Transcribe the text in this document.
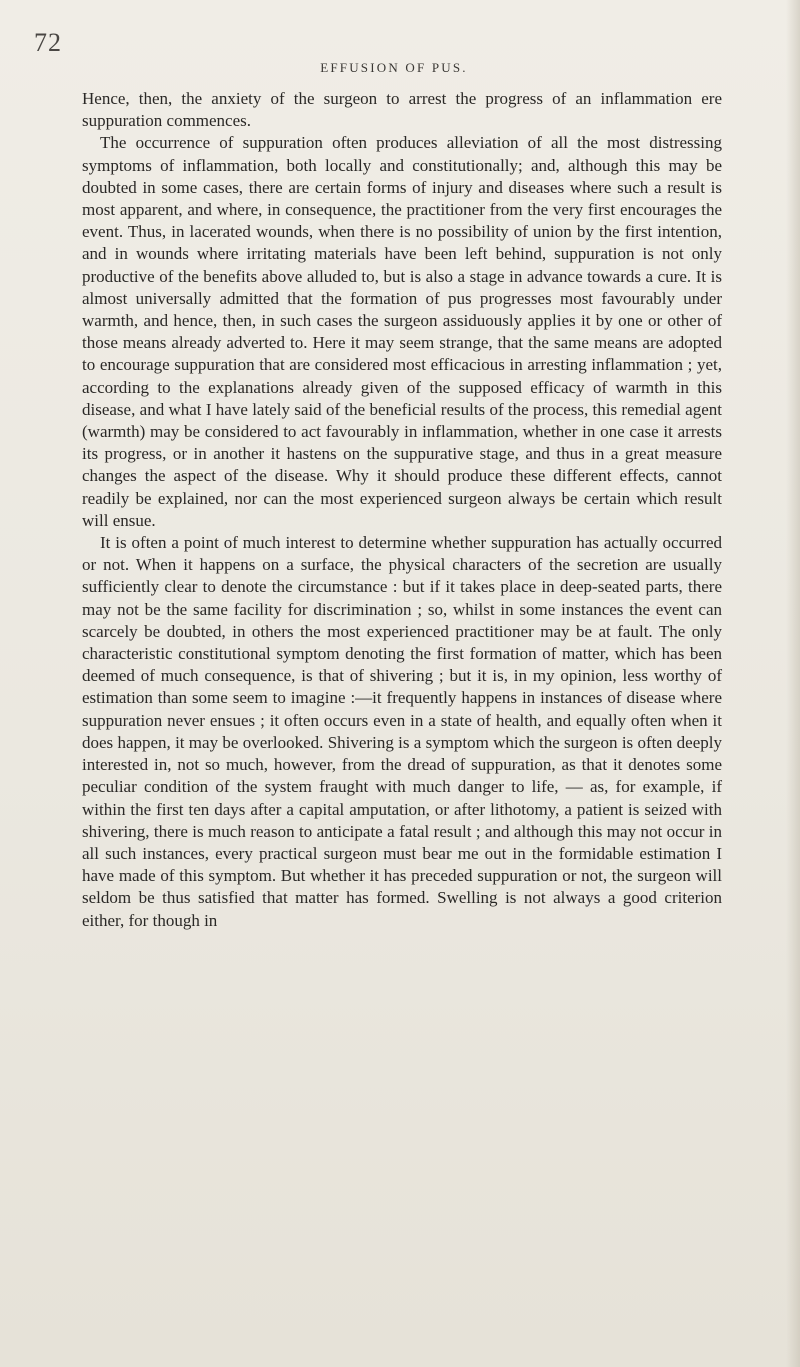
72
EFFUSION OF PUS.

Hence, then, the anxiety of the surgeon to arrest the progress of an inflammation ere suppuration commences.

The occurrence of suppuration often produces alleviation of all the most distressing symptoms of inflammation, both locally and constitutionally; and, although this may be doubted in some cases, there are certain forms of injury and diseases where such a result is most apparent, and where, in consequence, the practitioner from the very first encourages the event. Thus, in lacerated wounds, when there is no possibility of union by the first intention, and in wounds where irritating materials have been left behind, suppuration is not only productive of the benefits above alluded to, but is also a stage in advance towards a cure. It is almost universally admitted that the formation of pus progresses most favourably under warmth, and hence, then, in such cases the surgeon assiduously applies it by one or other of those means already adverted to. Here it may seem strange, that the same means are adopted to encourage suppuration that are considered most efficacious in arresting inflammation ; yet, according to the explanations already given of the supposed efficacy of warmth in this disease, and what I have lately said of the beneficial results of the process, this remedial agent (warmth) may be considered to act favourably in inflammation, whether in one case it arrests its progress, or in another it hastens on the suppurative stage, and thus in a great measure changes the aspect of the disease. Why it should produce these different effects, cannot readily be explained, nor can the most experienced surgeon always be certain which result will ensue.

It is often a point of much interest to determine whether suppuration has actually occurred or not. When it happens on a surface, the physical characters of the secretion are usually sufficiently clear to denote the circumstance : but if it takes place in deep-seated parts, there may not be the same facility for discrimination ; so, whilst in some instances the event can scarcely be doubted, in others the most experienced practitioner may be at fault. The only characteristic constitutional symptom denoting the first formation of matter, which has been deemed of much consequence, is that of shivering ; but it is, in my opinion, less worthy of estimation than some seem to imagine :—it frequently happens in instances of disease where suppuration never ensues ; it often occurs even in a state of health, and equally often when it does happen, it may be overlooked. Shivering is a symptom which the surgeon is often deeply interested in, not so much, however, from the dread of suppuration, as that it denotes some peculiar condition of the system fraught with much danger to life, — as, for example, if within the first ten days after a capital amputation, or after lithotomy, a patient is seized with shivering, there is much reason to anticipate a fatal result ; and although this may not occur in all such instances, every practical surgeon must bear me out in the formidable estimation I have made of this symptom. But whether it has preceded suppuration or not, the surgeon will seldom be thus satisfied that matter has formed. Swelling is not always a good criterion either, for though in
